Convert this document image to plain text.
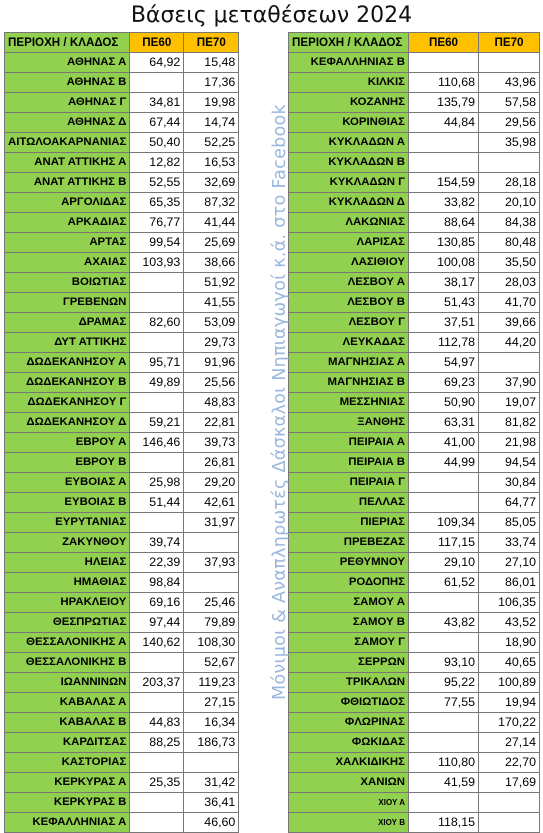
Βάσεις μεταθέσεων 2024
ΠΕΡΙΟΧΗ / ΚΛΑΔΟΣ	ΠΕ60	ΠΕ70
ΑΘΗΝΑΣ Α	64,92	15,48
ΑΘΗΝΑΣ Β		17,36
ΑΘΗΝΑΣ Γ	34,81	19,98
ΑΘΗΝΑΣ Δ	67,44	14,74
ΑΙΤΩΛΟΑΚΑΡΝΑΝΙΑΣ	50,40	52,25
ΑΝΑΤ ΑΤΤΙΚΗΣ Α	12,82	16,53
ΑΝΑΤ ΑΤΤΙΚΗΣ Β	52,55	32,69
ΑΡΓΟΛΙΔΑΣ	65,35	87,32
ΑΡΚΑΔΙΑΣ	76,77	41,44
ΑΡΤΑΣ	99,54	25,69
ΑΧΑΙΑΣ	103,93	38,66
ΒΟΙΩΤΙΑΣ		51,92
ΓΡΕΒΕΝΩΝ		41,55
ΔΡΑΜΑΣ	82,60	53,09
ΔΥΤ ΑΤΤΙΚΗΣ		29,73
ΔΩΔΕΚΑΝΗΣΟΥ Α	95,71	91,96
ΔΩΔΕΚΑΝΗΣΟΥ Β	49,89	25,56
ΔΩΔΕΚΑΝΗΣΟΥ Γ		48,83
ΔΩΔΕΚΑΝΗΣΟΥ Δ	59,21	22,81
ΕΒΡΟΥ Α	146,46	39,73
ΕΒΡΟΥ Β		26,81
ΕΥΒΟΙΑΣ Α	25,98	29,20
ΕΥΒΟΙΑΣ Β	51,44	42,61
ΕΥΡΥΤΑΝΙΑΣ		31,97
ΖΑΚΥΝΘΟΥ	39,74	
ΗΛΕΙΑΣ	22,39	37,93
ΗΜΑΘΙΑΣ	98,84	
ΗΡΑΚΛΕΙΟΥ	69,16	25,46
ΘΕΣΠΡΩΤΙΑΣ	97,44	79,89
ΘΕΣΣΑΛΟΝΙΚΗΣ Α	140,62	108,30
ΘΕΣΣΑΛΟΝΙΚΗΣ Β		52,67
ΙΩΑΝΝΙΝΩΝ	203,37	119,23
ΚΑΒΑΛΑΣ Α		27,15
ΚΑΒΑΛΑΣ Β	44,83	16,34
ΚΑΡΔΙΤΣΑΣ	88,25	186,73
ΚΑΣΤΟΡΙΑΣ		
ΚΕΡΚΥΡΑΣ Α	25,35	31,42
ΚΕΡΚΥΡΑΣ Β		36,41
ΚΕΦΑΛΛΗΝΙΑΣ Α		46,60
ΠΕΡΙΟΧΗ / ΚΛΑΔΟΣ	ΠΕ60	ΠΕ70
ΚΕΦΑΛΛΗΝΙΑΣ Β		
ΚΙΛΚΙΣ	110,68	43,96
ΚΟΖΑΝΗΣ	135,79	57,58
ΚΟΡΙΝΘΙΑΣ	44,84	29,56
ΚΥΚΛΑΔΩΝ Α		35,98
ΚΥΚΛΑΔΩΝ Β		
ΚΥΚΛΑΔΩΝ Γ	154,59	28,18
ΚΥΚΛΑΔΩΝ Δ	33,82	20,10
ΛΑΚΩΝΙΑΣ	88,64	84,38
ΛΑΡΙΣΑΣ	130,85	80,48
ΛΑΣΙΘΙΟΥ	100,08	35,50
ΛΕΣΒΟΥ Α	38,17	28,03
ΛΕΣΒΟΥ Β	51,43	41,70
ΛΕΣΒΟΥ Γ	37,51	39,66
ΛΕΥΚΑΔΑΣ	112,78	44,20
ΜΑΓΝΗΣΙΑΣ Α	54,97	
ΜΑΓΝΗΣΙΑΣ Β	69,23	37,90
ΜΕΣΣΗΝΙΑΣ	50,90	19,07
ΞΑΝΘΗΣ	63,31	81,82
ΠΕΙΡΑΙΑ Α	41,00	21,98
ΠΕΙΡΑΙΑ Β	44,99	94,54
ΠΕΙΡΑΙΑ Γ		30,84
ΠΕΛΛΑΣ		64,77
ΠΙΕΡΙΑΣ	109,34	85,05
ΠΡΕΒΕΖΑΣ	117,15	33,74
ΡΕΘΥΜΝΟΥ	29,10	27,10
ΡΟΔΟΠΗΣ	61,52	86,01
ΣΑΜΟΥ Α		106,35
ΣΑΜΟΥ Β	43,82	43,52
ΣΑΜΟΥ Γ		18,90
ΣΕΡΡΩΝ	93,10	40,65
ΤΡΙΚΑΛΩΝ	95,22	100,89
ΦΘΙΩΤΙΔΟΣ	77,55	19,94
ΦΛΩΡΙΝΑΣ		170,22
ΦΩΚΙΔΑΣ		27,14
ΧΑΛΚΙΔΙΚΗΣ	110,80	22,70
ΧΑΝΙΩΝ	41,59	17,69
ΧΙΟΥ Α		
ΧΙΟΥ Β	118,15	
Μόνιμοι & Αναπληρωτές Δάσκαλοι Νηπιαγωγοί κ.ά. στο Facebook
